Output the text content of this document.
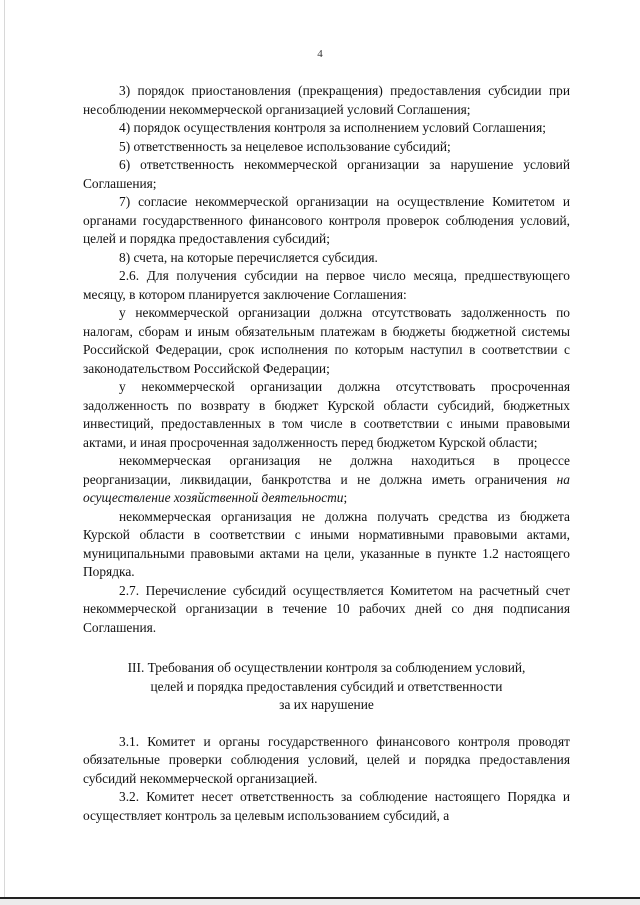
4

3) порядок приостановления (прекращения) предоставления субсидии при несоблюдении некоммерческой организацией условий Соглашения;

4) порядок осуществления контроля за исполнением условий Соглашения;

5) ответственность за нецелевое использование субсидий;

6) ответственность некоммерческой организации за нарушение условий Соглашения;

7) согласие некоммерческой организации на осуществление Комитетом и органами государственного финансового контроля проверок соблюдения условий, целей и порядка предоставления субсидий;

8) счета, на которые перечисляется субсидия.

2.6. Для получения субсидии на первое число месяца, предшествующего месяцу, в котором планируется заключение Соглашения:

у некоммерческой организации должна отсутствовать задолженность по налогам, сборам и иным обязательным платежам в бюджеты бюджетной системы Российской Федерации, срок исполнения по которым наступил в соответствии с законодательством Российской Федерации;

у некоммерческой организации должна отсутствовать просроченная задолженность по возврату в бюджет Курской области субсидий, бюджетных инвестиций, предоставленных в том числе в соответствии с иными правовыми актами, и иная просроченная задолженность перед бюджетом Курской области;

некоммерческая организация не должна находиться в процессе реорганизации, ликвидации, банкротства и не должна иметь ограничения на осуществление хозяйственной деятельности;

некоммерческая организация не должна получать средства из бюджета Курской области в соответствии с иными нормативными правовыми актами, муниципальными правовыми актами на цели, указанные в пункте 1.2 настоящего Порядка.

2.7. Перечисление субсидий осуществляется Комитетом на расчетный счет некоммерческой организации в течение 10 рабочих дней со дня подписания Соглашения.

III. Требования об осуществлении контроля за соблюдением условий,
целей и порядка предоставления субсидий и ответственности
за их нарушение

3.1. Комитет и органы государственного финансового контроля проводят обязательные проверки соблюдения условий, целей и порядка предоставления субсидий некоммерческой организацией.

3.2. Комитет несет ответственность за соблюдение настоящего Порядка и осуществляет контроль за целевым использованием субсидий, а
